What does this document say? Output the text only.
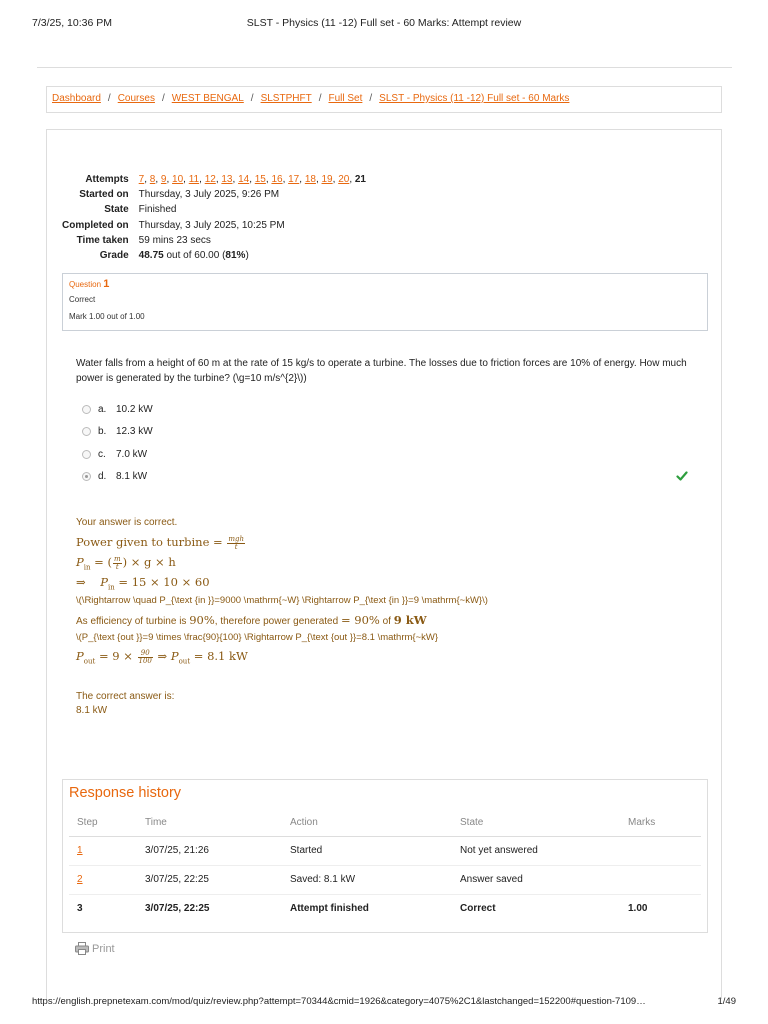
7/3/25, 10:36 PM	SLST - Physics (11 -12) Full set - 60 Marks: Attempt review
Dashboard / Courses / WEST BENGAL / SLSTPHFT / Full Set / SLST - Physics (11 -12) Full set - 60 Marks
Attempts	7, 8, 9, 10, 11, 12, 13, 14, 15, 16, 17, 18, 19, 20, 21
Started on	Thursday, 3 July 2025, 9:26 PM
State	Finished
Completed on	Thursday, 3 July 2025, 10:25 PM
Time taken	59 mins 23 secs
Grade	48.75 out of 60.00 (81%)
Question 1
Correct
Mark 1.00 out of 1.00
Water falls from a height of 60 m at the rate of 15 kg/s to operate a turbine. The losses due to friction forces are 10% of energy. How much power is generated by the turbine? (\g=10 m/s^{2}\))
a. 10.2 kW
b. 12.3 kW
c.	7.0 kW
d. 8.1 kW
Your answer is correct.
Power given to turbine = $\frac{\text{mgh}}{t}$
$P_{in}$ = ( $\frac{m}{t}$ ) × g × h
⇒ $P_{in} = 15 \times 10 \times 60$
\(\Rightarrow \quad P_{\text {in }}=9000 \mathrm{~W} \Rightarrow P_{\text {in }}=9 \mathrm{~kW}\)
As efficiency of turbine is 90%, therefore power generated = 90% of 9 kW
\(P_{\text {out }}=9 \times \frac{90}{100} \Rightarrow P_{\text {out }}=8.1 \mathrm{~kW}
$P_{out} = 9 \times \frac{90}{100}$ ⇒ $P_{out} = 8.1$ kW
The correct answer is:
8.1 kW
Response history
Step	Time	Action	State	Marks
1	3/07/25, 21:26	Started	Not yet answered	
2	3/07/25, 22:25	Saved: 8.1 kW	Answer saved	
3	3/07/25, 22:25	Attempt finished	Correct	1.00
Print
https://english.prepnetexam.com/mod/quiz/review.php?attempt=70344&cmid=1926&category=4075%2C1&lastchanged=152200#question-7109…	1/49
